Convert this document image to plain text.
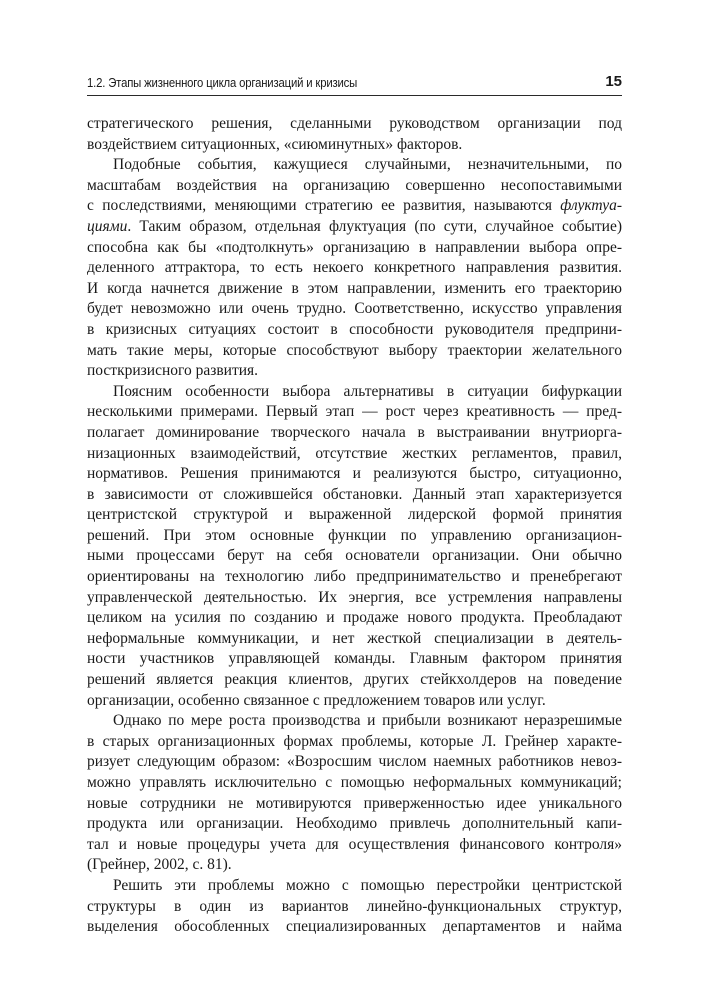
1.2. Этапы жизненного цикла организаций и кризисы	15

стратегического решения, сделанными руководством организации под
воздействием ситуационных, «сиюминутных» факторов.

Подобные события, кажущиеся случайными, незначительными, по
масштабам воздействия на организацию совершенно несопоставимыми
с последствиями, меняющими стратегию ее развития, называются флуктуа-
циями. Таким образом, отдельная флуктуация (по сути, случайное событие)
способна как бы «подтолкнуть» организацию в направлении выбора опре-
деленного аттрактора, то есть некоего конкретного направления развития.
И когда начнется движение в этом направлении, изменить его траекторию
будет невозможно или очень трудно. Соответственно, искусство управления
в кризисных ситуациях состоит в способности руководителя предприни-
мать такие меры, которые способствуют выбору траектории желательного
посткризисного развития.

Поясним особенности выбора альтернативы в ситуации бифуркации
несколькими примерами. Первый этап — рост через креативность — пред-
полагает доминирование творческого начала в выстраивании внутриорга-
низационных взаимодействий, отсутствие жестких регламентов, правил,
нормативов. Решения принимаются и реализуются быстро, ситуационно,
в зависимости от сложившейся обстановки. Данный этап характеризуется
центристской структурой и выраженной лидерской формой принятия
решений. При этом основные функции по управлению организацион-
ными процессами берут на себя основатели организации. Они обычно
ориентированы на технологию либо предпринимательство и пренебрегают
управленческой деятельностью. Их энергия, все устремления направлены
целиком на усилия по созданию и продаже нового продукта. Преобладают
неформальные коммуникации, и нет жесткой специализации в деятель-
ности участников управляющей команды. Главным фактором принятия
решений является реакция клиентов, других стейкхолдеров на поведение
организации, особенно связанное с предложением товаров или услуг.

Однако по мере роста производства и прибыли возникают неразрешимые
в старых организационных формах проблемы, которые Л. Грейнер характе-
ризует следующим образом: «Возросшим числом наемных работников невоз-
можно управлять исключительно с помощью неформальных коммуникаций;
новые сотрудники не мотивируются приверженностью идее уникального
продукта или организации. Необходимо привлечь дополнительный капи-
тал и новые процедуры учета для осуществления финансового контроля»
(Грейнер, 2002, с. 81).

Решить эти проблемы можно с помощью перестройки центристской
структуры в один из вариантов линейно-функциональных структур,
выделения обособленных специализированных департаментов и найма
